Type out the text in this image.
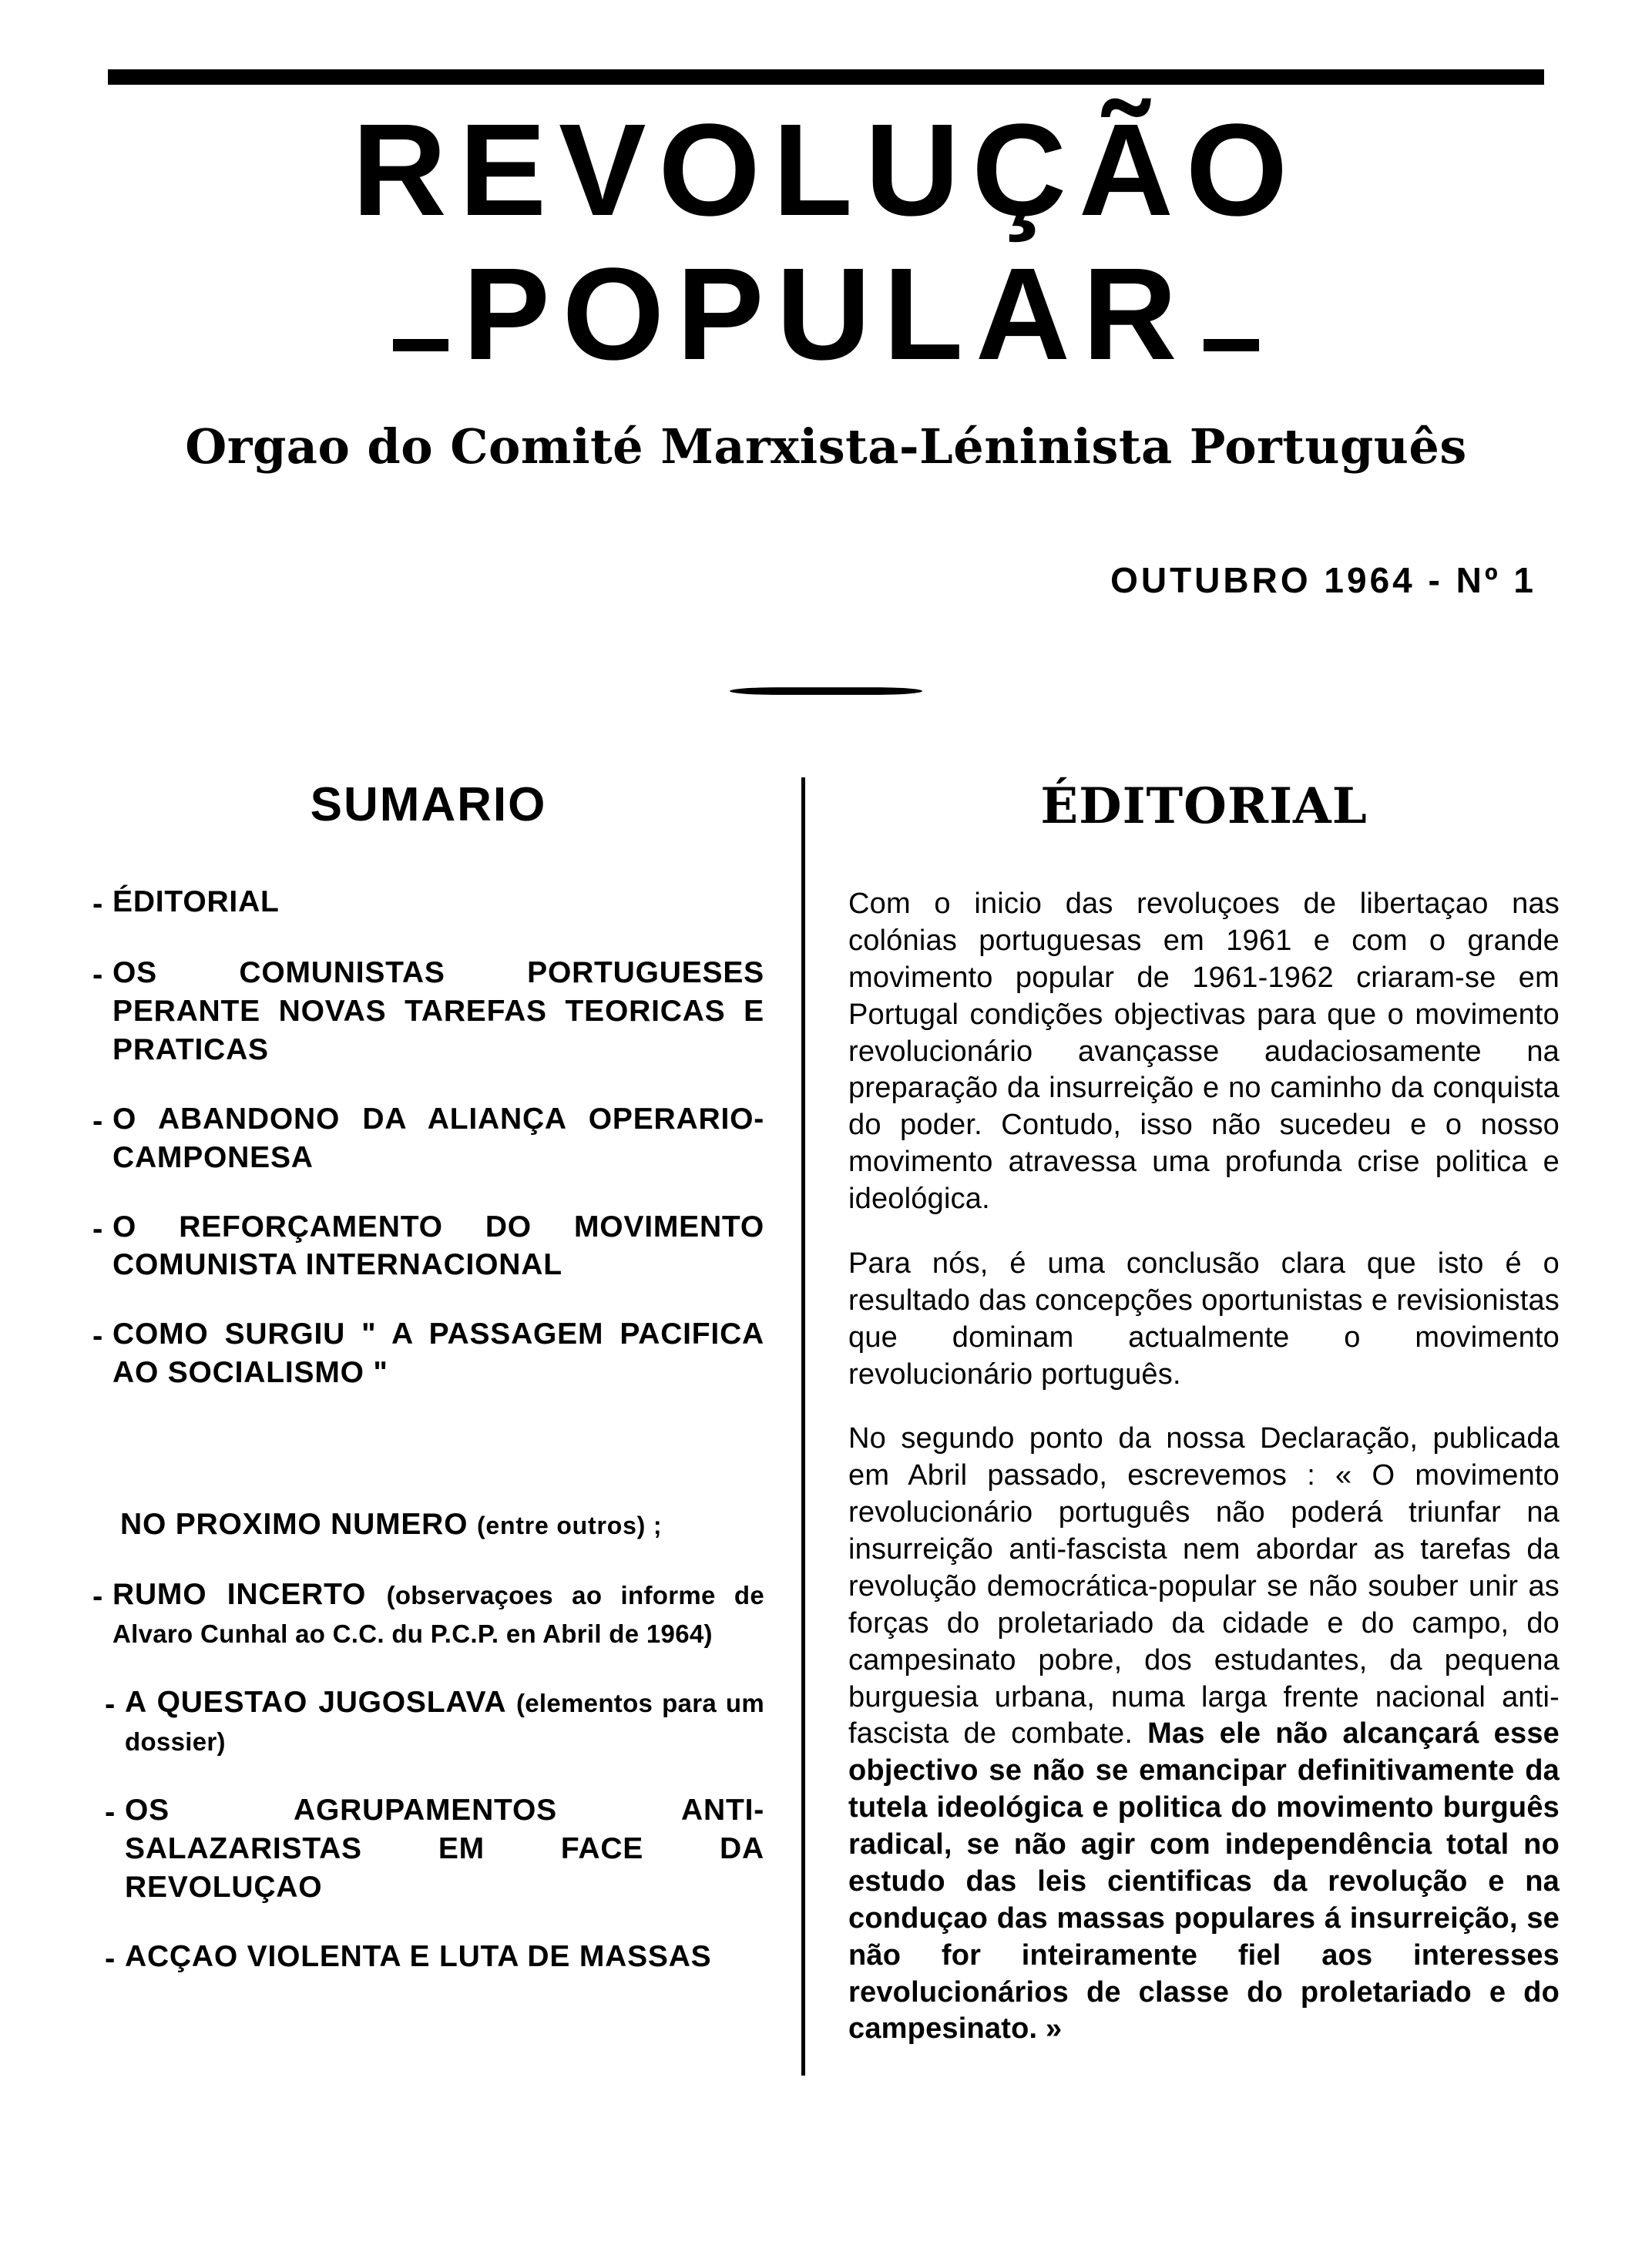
REVOLUÇÃO
POPULAR
Orgao do Comité Marxista-Léninista Português
OUTUBRO 1964 - Nº 1
SUMARIO
- ÉDITORIAL
- OS COMUNISTAS PORTUGUESES PERANTE NOVAS TAREFAS TEORICAS E PRATICAS
- O ABANDONO DA ALIANÇA OPERARIO-CAMPONESA
- O REFORÇAMENTO DO MOVIMENTO COMUNISTA INTERNACIONAL
- COMO SURGIU " A PASSAGEM PACIFICA AO SOCIALISMO "
NO PROXIMO NUMERO (entre outros) ;
- RUMO INCERTO (observaçoes ao informe de Alvaro Cunhal ao C.C. du P.C.P. en Abril de 1964)
- A QUESTAO JUGOSLAVA (elementos para um dossier)
- OS AGRUPAMENTOS ANTI-SALAZARISTAS EM FACE DA REVOLUÇAO
- ACÇAO VIOLENTA E LUTA DE MASSAS
ÉDITORIAL
Com o inicio das revoluçoes de libertaçao nas colónias portuguesas em 1961 e com o grande movimento popular de 1961-1962 criaram-se em Portugal condições objectivas para que o movimento revolucionário avançasse audaciosamente na preparação da insurreição e no caminho da conquista do poder. Contudo, isso não sucedeu e o nosso movimento atravessa uma profunda crise politica e ideológica.
Para nós, é uma conclusão clara que isto é o resultado das concepções oportunistas e revisionistas que dominam actualmente o movimento revolucionário português.
No segundo ponto da nossa Declaração, publicada em Abril passado, escrevemos : « O movimento revolucionário português não poderá triunfar na insurreição anti-fascista nem abordar as tarefas da revolução democrática-popular se não souber unir as forças do proletariado da cidade e do campo, do campesinato pobre, dos estudantes, da pequena burguesia urbana, numa larga frente nacional anti-fascista de combate. Mas ele não alcançará esse objectivo se não se emancipar definitivamente da tutela ideológica e politica do movimento burguês radical, se não agir com independência total no estudo das leis cientificas da revolução e na conduçao das massas populares á insurreição, se não for inteiramente fiel aos interesses revolucionários de classe do proletariado e do campesinato. »
